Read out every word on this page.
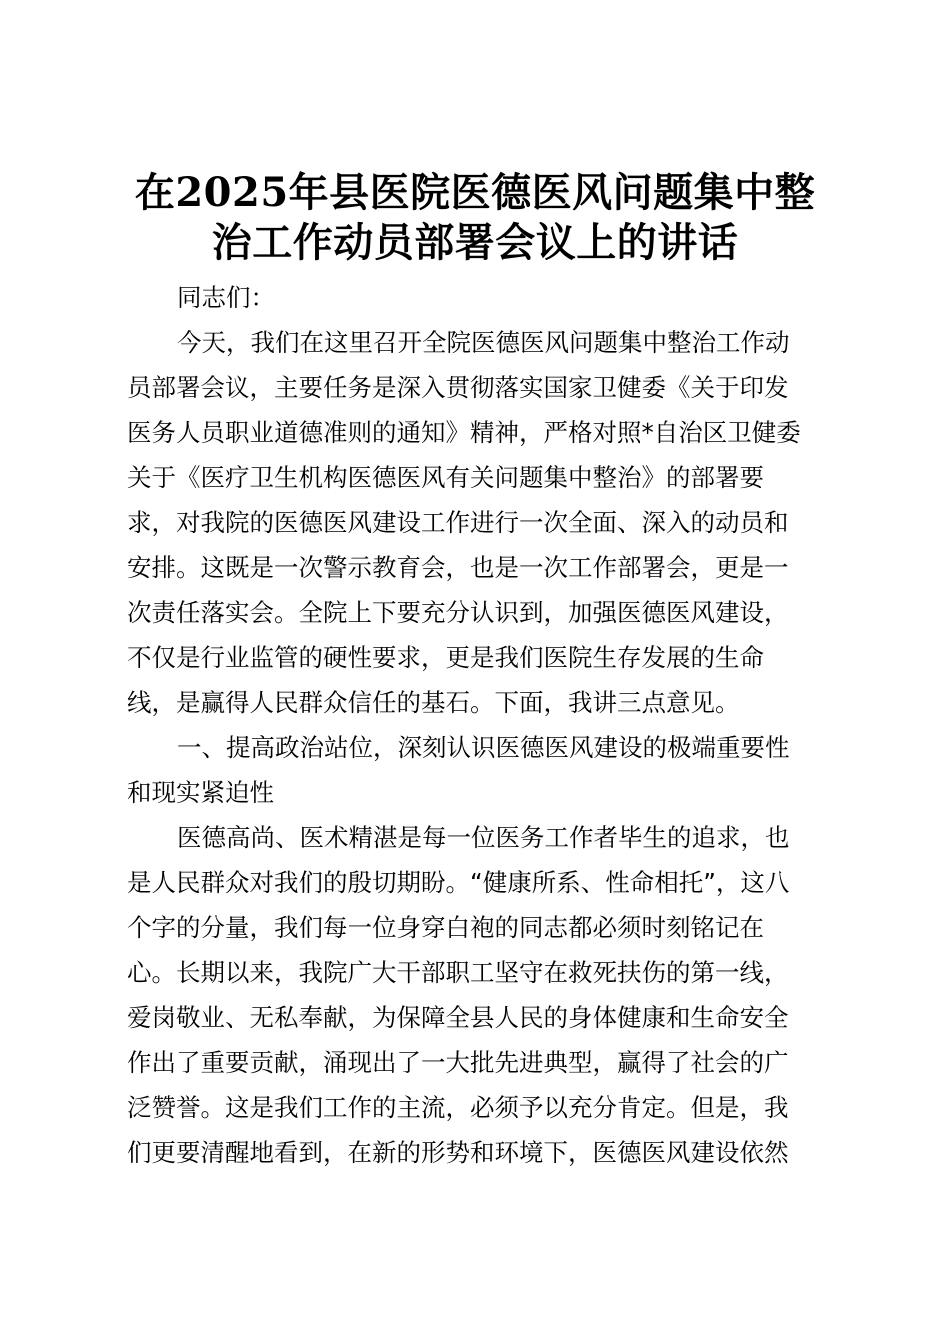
在2025年县医院医德医风问题集中整
治工作动员部署会议上的讲话
同志们：
今天，我们在这里召开全院医德医风问题集中整治工作动
员部署会议，主要任务是深入贯彻落实国家卫健委《关于印发
医务人员职业道德准则的通知》精神，严格对照*自治区卫健委
关于《医疗卫生机构医德医风有关问题集中整治》的部署要
求，对我院的医德医风建设工作进行一次全面、深入的动员和
安排。这既是一次警示教育会，也是一次工作部署会，更是一
次责任落实会。全院上下要充分认识到，加强医德医风建设，
不仅是行业监管的硬性要求，更是我们医院生存发展的生命
线，是赢得人民群众信任的基石。下面，我讲三点意见。
一、提高政治站位，深刻认识医德医风建设的极端重要性
和现实紧迫性
医德高尚、医术精湛是每一位医务工作者毕生的追求，也
是人民群众对我们的殷切期盼。“健康所系、性命相托”，这八
个字的分量，我们每一位身穿白袍的同志都必须时刻铭记在
心。长期以来，我院广大干部职工坚守在救死扶伤的第一线，
爱岗敬业、无私奉献，为保障全县人民的身体健康和生命安全
作出了重要贡献，涌现出了一大批先进典型，赢得了社会的广
泛赞誉。这是我们工作的主流，必须予以充分肯定。但是，我
们更要清醒地看到，在新的形势和环境下，医德医风建设依然
